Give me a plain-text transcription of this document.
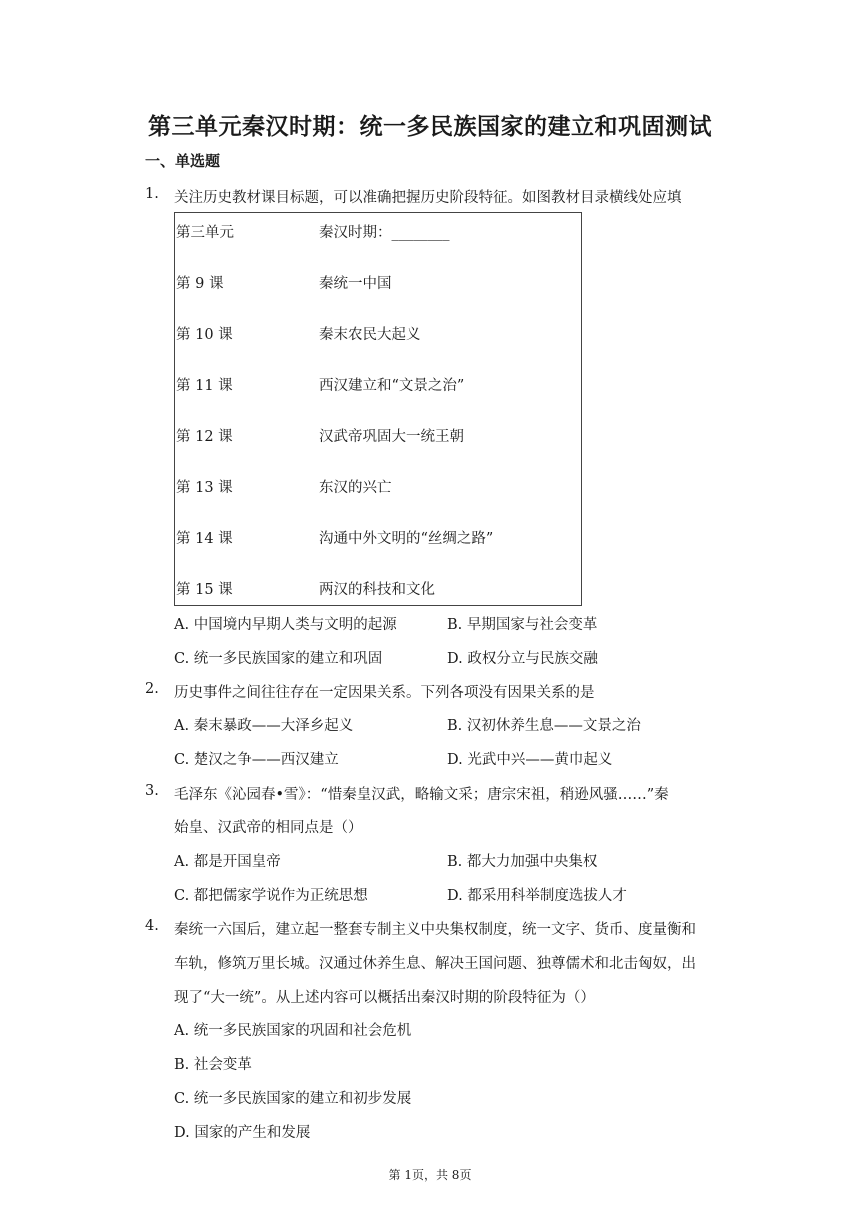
第三单元秦汉时期：统一多民族国家的建立和巩固测试
一、单选题
1. 关注历史教材课目标题，可以准确把握历史阶段特征。如图教材目录横线处应填
第三单元	秦汉时期：________
第 9 课	秦统一中国
第 10 课	秦末农民大起义
第 11 课	西汉建立和“文景之治”
第 12 课	汉武帝巩固大一统王朝
第 13 课	东汉的兴亡
第 14 课	沟通中外文明的“丝绸之路”
第 15 课	两汉的科技和文化
A. 中国境内早期人类与文明的起源	B. 早期国家与社会变革
C. 统一多民族国家的建立和巩固	D. 政权分立与民族交融
2. 历史事件之间往往存在一定因果关系。下列各项没有因果关系的是
A. 秦末暴政——大泽乡起义	B. 汉初休养生息——文景之治
C. 楚汉之争——西汉建立	D. 光武中兴——黄巾起义
3. 毛泽东《沁园春•雪》：“惜秦皇汉武，略输文采；唐宗宋祖，稍逊风骚……”秦
始皇、汉武帝的相同点是（）
A. 都是开国皇帝	B. 都大力加强中央集权
C. 都把儒家学说作为正统思想	D. 都采用科举制度选拔人才
4. 秦统一六国后，建立起一整套专制主义中央集权制度，统一文字、货币、度量衡和
车轨，修筑万里长城。汉通过休养生息、解决王国问题、独尊儒术和北击匈奴，出
现了“大一统”。从上述内容可以概括出秦汉时期的阶段特征为（）
A. 统一多民族国家的巩固和社会危机
B. 社会变革
C. 统一多民族国家的建立和初步发展
D. 国家的产生和发展
第 1页，共 8页
